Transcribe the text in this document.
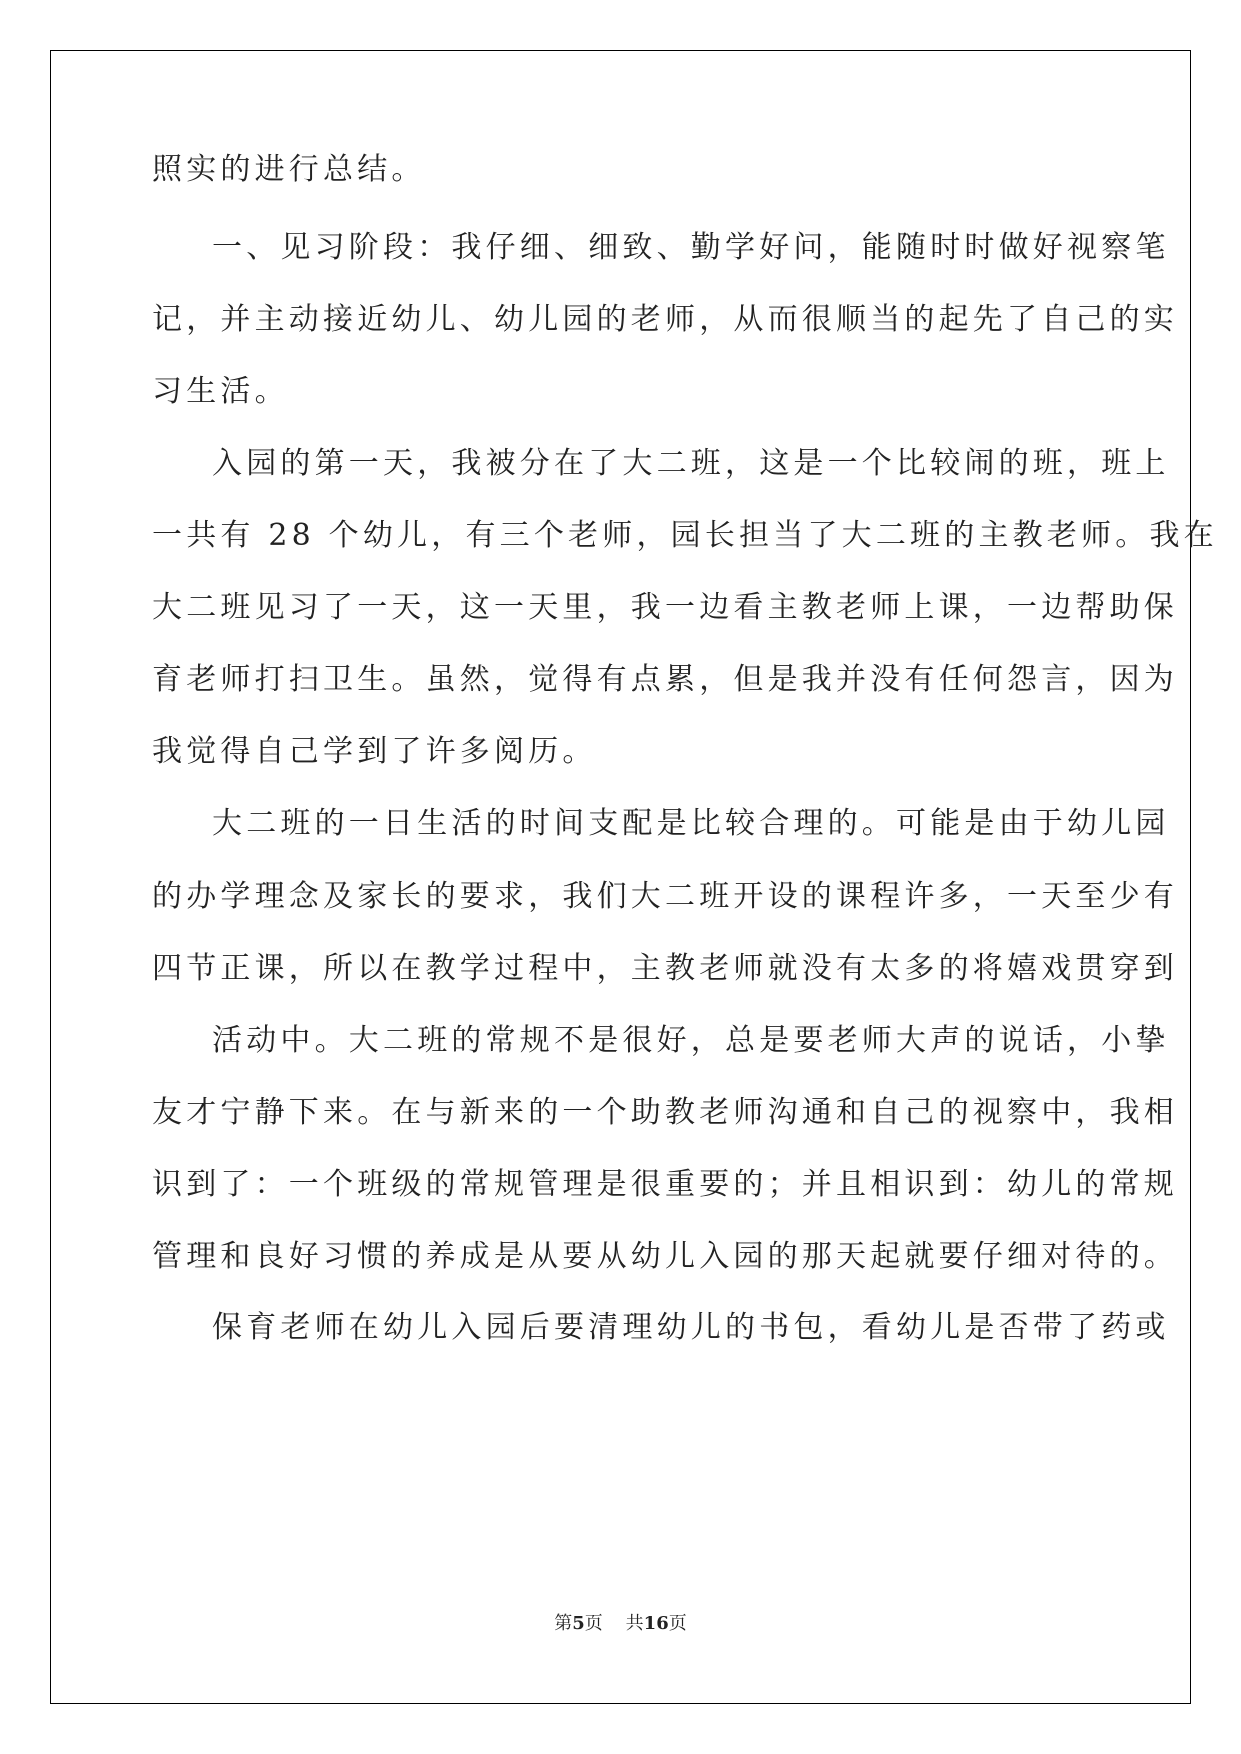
照实的进行总结。
一、见习阶段：我仔细、细致、勤学好问，能随时时做好视察笔
记，并主动接近幼儿、幼儿园的老师，从而很顺当的起先了自己的实
习生活。
入园的第一天，我被分在了大二班，这是一个比较闹的班，班上
一共有 28 个幼儿，有三个老师，园长担当了大二班的主教老师。我在
大二班见习了一天，这一天里，我一边看主教老师上课，一边帮助保
育老师打扫卫生。虽然，觉得有点累，但是我并没有任何怨言，因为
我觉得自己学到了许多阅历。
大二班的一日生活的时间支配是比较合理的。可能是由于幼儿园
的办学理念及家长的要求，我们大二班开设的课程许多，一天至少有
四节正课，所以在教学过程中，主教老师就没有太多的将嬉戏贯穿到
活动中。大二班的常规不是很好，总是要老师大声的说话，小挚
友才宁静下来。在与新来的一个助教老师沟通和自己的视察中，我相
识到了：一个班级的常规管理是很重要的；并且相识到：幼儿的常规
管理和良好习惯的养成是从要从幼儿入园的那天起就要仔细对待的。
保育老师在幼儿入园后要清理幼儿的书包，看幼儿是否带了药或
第5页 共16页
